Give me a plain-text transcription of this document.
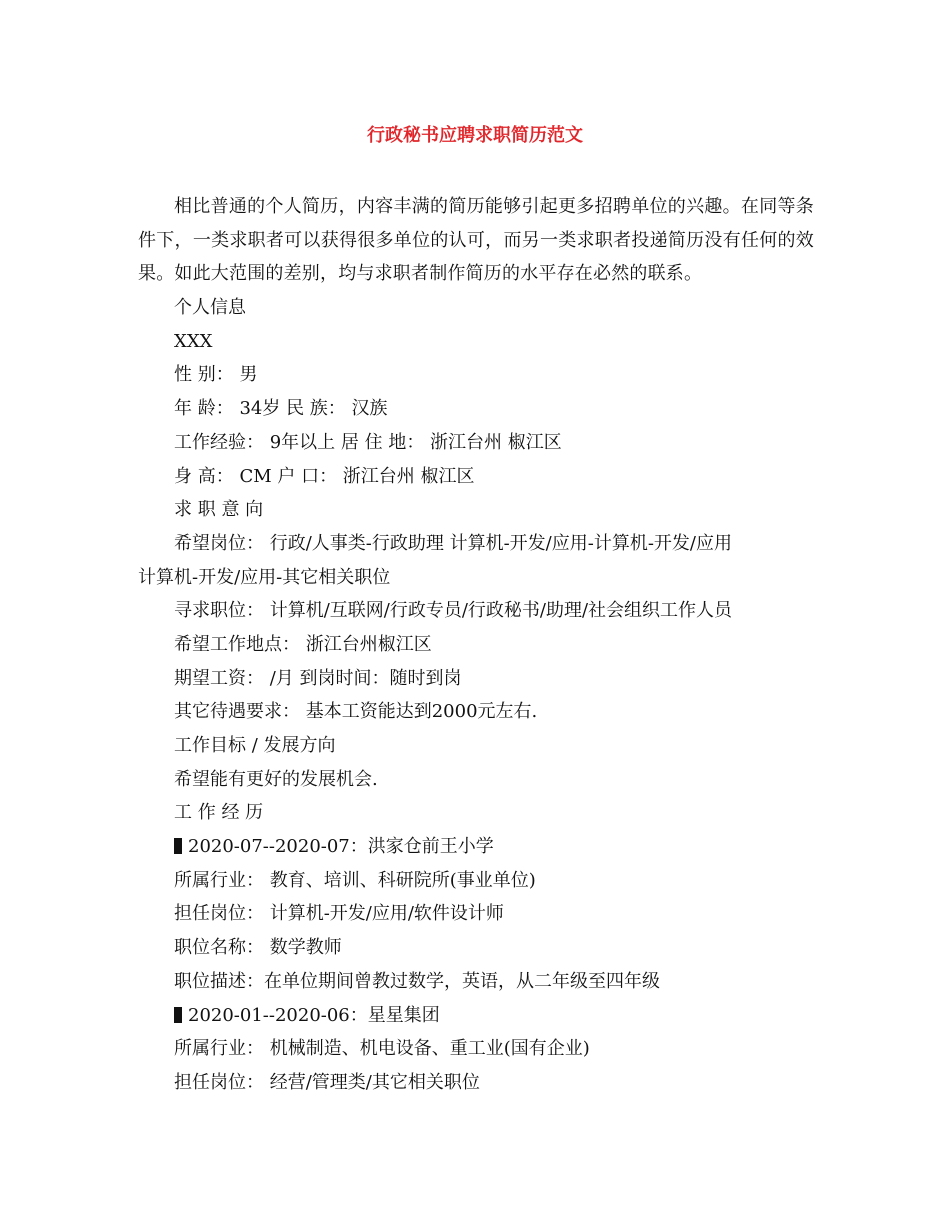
行政秘书应聘求职简历范文
相比普通的个人简历，内容丰满的简历能够引起更多招聘单位的兴趣。在同等条件下，一类求职者可以获得很多单位的认可，而另一类求职者投递简历没有任何的效果。如此大范围的差别，均与求职者制作简历的水平存在必然的联系。
个人信息
XXX
性 别： 男
年 龄： 34岁 民 族： 汉族
工作经验： 9年以上 居 住 地： 浙江台州 椒江区
身 高： CM 户 口： 浙江台州 椒江区
求 职 意 向
希望岗位： 行政/人事类-行政助理 计算机-开发/应用-计算机-开发/应用
计算机-开发/应用-其它相关职位
寻求职位： 计算机/互联网/行政专员/行政秘书/助理/社会组织工作人员
希望工作地点： 浙江台州椒江区
期望工资： /月 到岗时间：随时到岗
其它待遇要求： 基本工资能达到2000元左右.
工作目标 / 发展方向
希望能有更好的发展机会.
工 作 经 历
2020-07--2020-07：洪家仓前王小学
所属行业： 教育、培训、科研院所(事业单位)
担任岗位： 计算机-开发/应用/软件设计师
职位名称： 数学教师
职位描述：在单位期间曾教过数学，英语，从二年级至四年级
2020-01--2020-06：星星集团
所属行业： 机械制造、机电设备、重工业(国有企业)
担任岗位： 经营/管理类/其它相关职位
